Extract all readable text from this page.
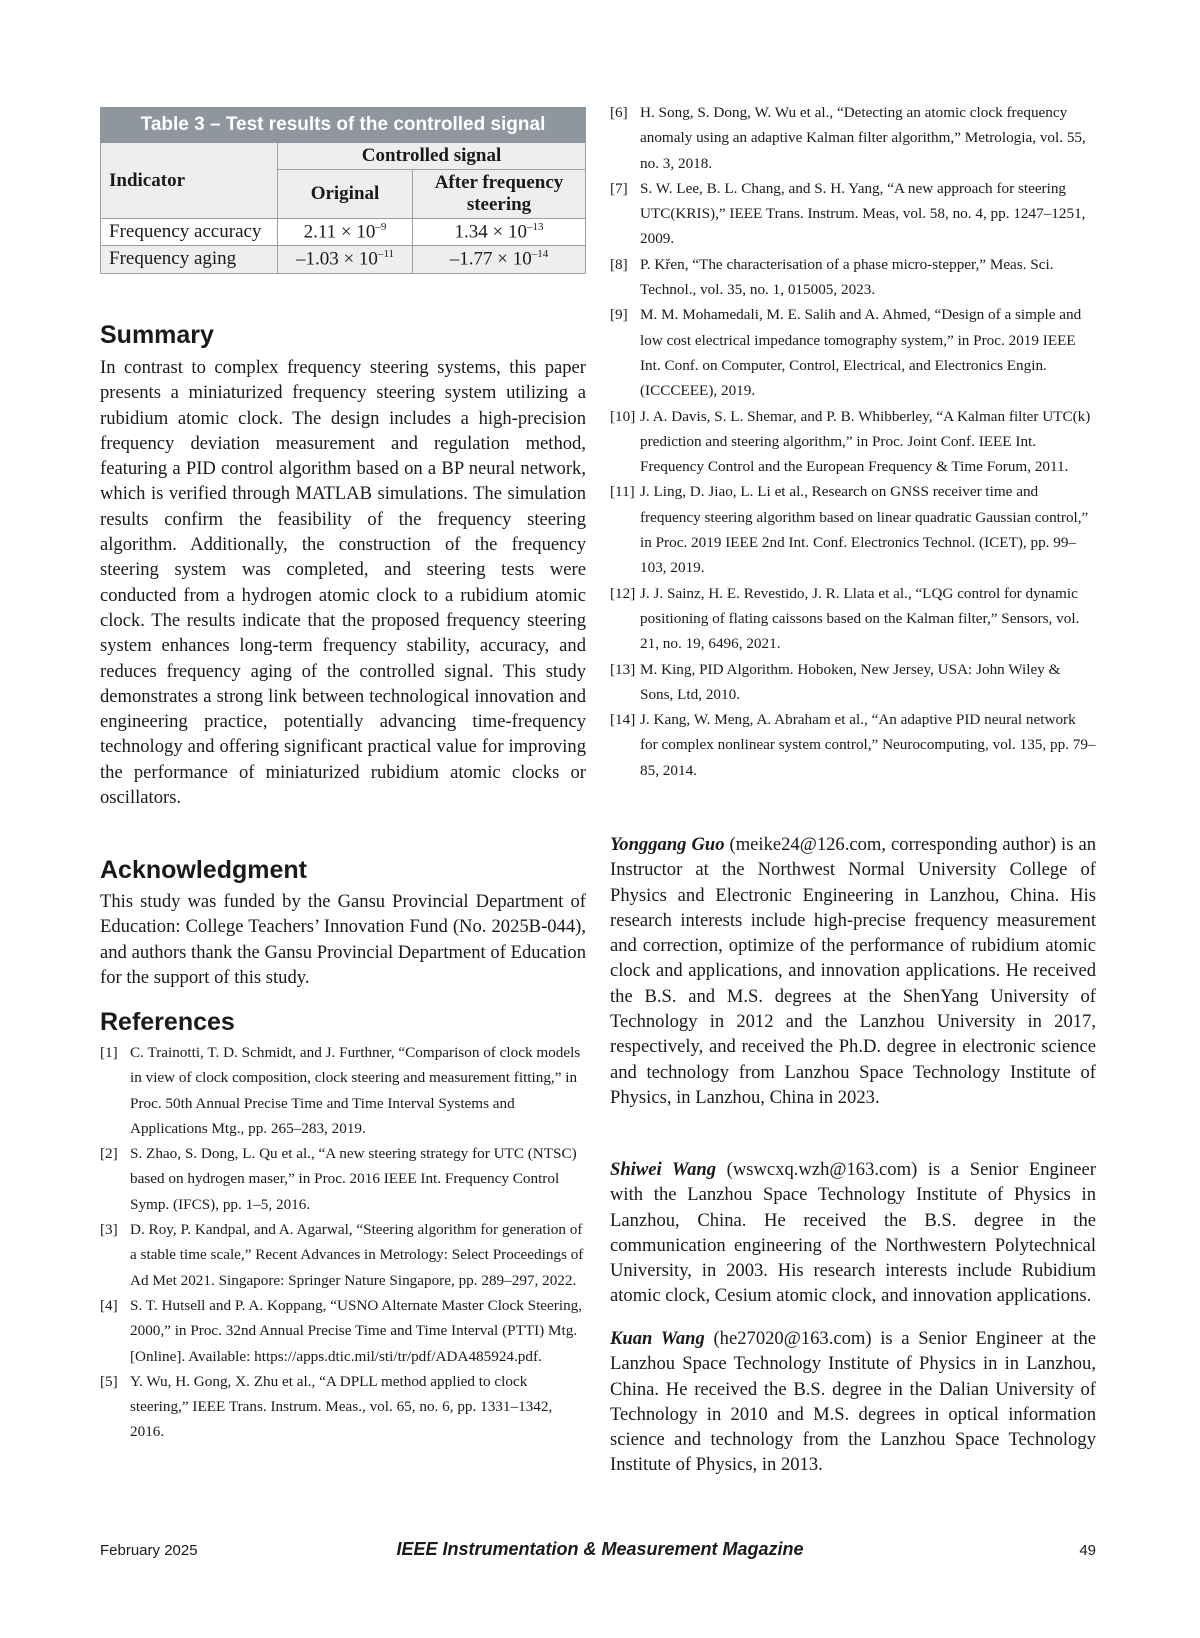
Table 3 – Test results of the controlled signal		
Indicator	Controlled signal	
	Original	After frequency steering
Frequency accuracy	$2.11 \times 10^{-9}$	$1.34 \times 10^{-13}$
Frequency aging	$-1.03 \times 10^{-11}$	$-1.77 \times 10^{-14}$
Summary

In contrast to complex frequency steering systems, this paper presents a miniaturized frequency steering system utilizing a rubidium atomic clock. The design includes a high-precision frequency deviation measurement and regulation method, featuring a PID control algorithm based on a BP neural network, which is verified through MATLAB simulations. The simulation results confirm the feasibility of the frequency steering algorithm. Additionally, the construction of the frequency steering system was completed, and steering tests were conducted from a hydrogen atomic clock to a rubidium atomic clock. The results indicate that the proposed frequency steering system enhances long-term frequency stability, accuracy, and reduces frequency aging of the controlled signal. This study demonstrates a strong link between technological innovation and engineering practice, potentially advancing time-frequency technology and offering significant practical value for improving the performance of miniaturized rubidium atomic clocks or oscillators.

Acknowledgment

This study was funded by the Gansu Provincial Department of Education: College Teachers’ Innovation Fund (No. 2025B-044), and authors thank the Gansu Provincial Department of Education for the support of this study.

References
[1] C. Trainotti, T. D. Schmidt, and J. Furthner, “Comparison of clock models in view of clock composition, clock steering and measurement fitting,” in Proc. 50th Annual Precise Time and Time Interval Systems and Applications Mtg., pp. 265–283, 2019.
[2] S. Zhao, S. Dong, L. Qu et al., “A new steering strategy for UTC (NTSC) based on hydrogen maser,” in Proc. 2016 IEEE Int. Frequency Control Symp. (IFCS), pp. 1–5, 2016.
[3] D. Roy, P. Kandpal, and A. Agarwal, “Steering algorithm for generation of a stable time scale,” Recent Advances in Metrology: Select Proceedings of Ad Met 2021. Singapore: Springer Nature Singapore, pp. 289–297, 2022.
[4] S. T. Hutsell and P. A. Koppang, “USNO Alternate Master Clock Steering, 2000,” in Proc. 32nd Annual Precise Time and Time Interval (PTTI) Mtg. [Online]. Available: https://apps.dtic.mil/sti/tr/pdf/ADA485924.pdf.
[5] Y. Wu, H. Gong, X. Zhu et al., “A DPLL method applied to clock steering,” IEEE Trans. Instrum. Meas., vol. 65, no. 6, pp. 1331–1342, 2016.
[6] H. Song, S. Dong, W. Wu et al., “Detecting an atomic clock frequency anomaly using an adaptive Kalman filter algorithm,” Metrologia, vol. 55, no. 3, 2018.
[7] S. W. Lee, B. L. Chang, and S. H. Yang, “A new approach for steering UTC(KRIS),” IEEE Trans. Instrum. Meas, vol. 58, no. 4, pp. 1247–1251, 2009.
[8] P. Křen, “The characterisation of a phase micro-stepper,” Meas. Sci. Technol., vol. 35, no. 1, 015005, 2023.
[9] M. M. Mohamedali, M. E. Salih and A. Ahmed, “Design of a simple and low cost electrical impedance tomography system,” in Proc. 2019 IEEE Int. Conf. on Computer, Control, Electrical, and Electronics Engin. (ICCCEEE), 2019.
[10] J. A. Davis, S. L. Shemar, and P. B. Whibberley, “A Kalman filter UTC(k) prediction and steering algorithm,” in Proc. Joint Conf. IEEE Int. Frequency Control and the European Frequency & Time Forum, 2011.
[11] J. Ling, D. Jiao, L. Li et al., Research on GNSS receiver time and frequency steering algorithm based on linear quadratic Gaussian control,” in Proc. 2019 IEEE 2nd Int. Conf. Electronics Technol. (ICET), pp. 99–103, 2019.
[12] J. J. Sainz, H. E. Revestido, J. R. Llata et al., “LQG control for dynamic positioning of flating caissons based on the Kalman filter,” Sensors, vol. 21, no. 19, 6496, 2021.
[13] M. King, PID Algorithm. Hoboken, New Jersey, USA: John Wiley & Sons, Ltd, 2010.
[14] J. Kang, W. Meng, A. Abraham et al., “An adaptive PID neural network for complex nonlinear system control,” Neurocomputing, vol. 135, pp. 79–85, 2014.

Yonggang Guo (meike24@126.com, corresponding author) is an Instructor at the Northwest Normal University College of Physics and Electronic Engineering in Lanzhou, China. His research interests include high-precise frequency measurement and correction, optimize of the performance of rubidium atomic clock and applications, and innovation applications. He received the B.S. and M.S. degrees at the ShenYang University of Technology in 2012 and the Lanzhou University in 2017, respectively, and received the Ph.D. degree in electronic science and technology from Lanzhou Space Technology Institute of Physics, in Lanzhou, China in 2023.

Shiwei Wang (wswcxq.wzh@163.com) is a Senior Engineer with the Lanzhou Space Technology Institute of Physics in Lanzhou, China. He received the B.S. degree in the communication engineering of the Northwestern Polytechnical University, in 2003. His research interests include Rubidium atomic clock, Cesium atomic clock, and innovation applications.

Kuan Wang (he27020@163.com) is a Senior Engineer at the Lanzhou Space Technology Institute of Physics in in Lanzhou, China. He received the B.S. degree in the Dalian University of Technology in 2010 and M.S. degrees in optical information science and technology from the Lanzhou Space Technology Institute of Physics, in 2013.

February 2025	IEEE Instrumentation & Measurement Magazine	49
